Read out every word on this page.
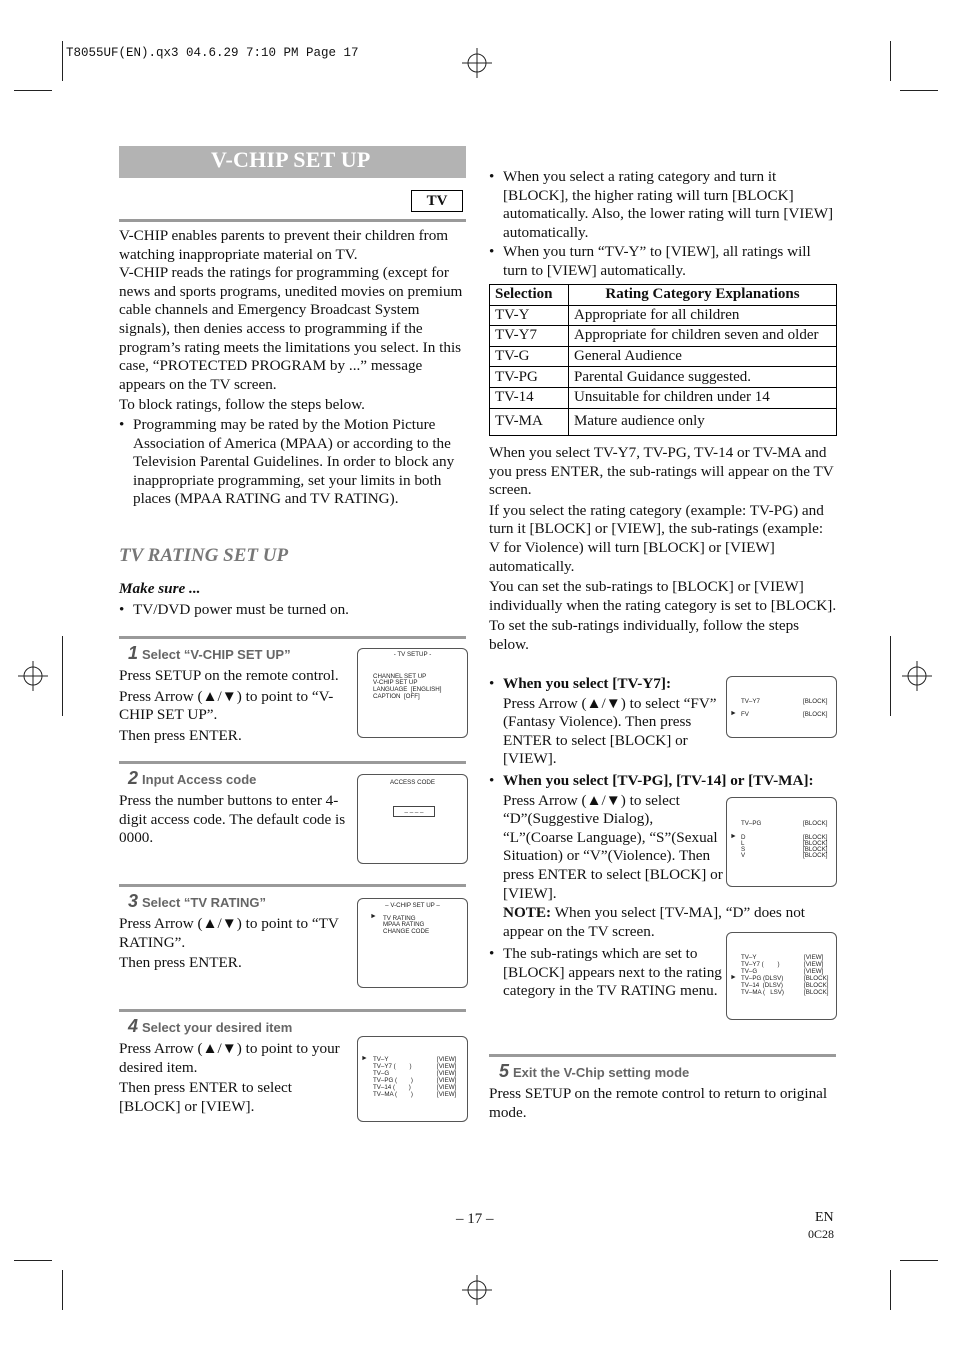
T8055UF(EN).qx3 04.6.29 7:10 PM Page 17
V-CHIP SET UP
TV

V-CHIP enables parents to prevent their children from watching inappropriate material on TV.

V-CHIP reads the ratings for programming (except for news and sports programs, unedited movies on premium cable channels and Emergency Broadcast System signals), then denies access to programming if the program’s rating meets the limitations you select. In this case, “PROTECTED PROGRAM by ...” message appears on the TV screen.

To block ratings, follow the steps below.

• Programming may be rated by the Motion Picture Association of America (MPAA) or according to the Television Parental Guidelines. In order to block any inappropriate programming, set your limits in both places (MPAA RATING and TV RATING).
TV RATING SET UP
Make sure ...
• TV/DVD power must be turned on.
1 Select “V-CHIP SET UP”

Press SETUP on the remote control.

Press Arrow (▲/▼) to point to “V-CHIP SET UP”.

Then press ENTER.

- TV SETUP -
CHANNEL SET UP
V-CHIP SET UP
LANGUAGE  [ENGLISH]
CAPTION  [OFF]
2 Input Access code

Press the number buttons to enter 4-digit access code. The default code is 0000.

ACCESS CODE
_ _ _ _
3 Select “TV RATING”

Press Arrow (▲/▼) to point to “TV RATING”.

Then press ENTER.

– V-CHIP SET UP –
► TV RATING
MPAA RATING
CHANGE CODE
4 Select your desired item

Press Arrow (▲/▼) to point to your desired item.

Then press ENTER to select [BLOCK] or [VIEW].

► TV–Y	[VIEW]
TV–Y7 (        )	[VIEW]
TV–G	[VIEW]
TV–PG (        )	[VIEW]
TV–14 (        )	[VIEW]
TV–MA (        )	[VIEW]
• When you select a rating category and turn it [BLOCK], the higher rating will turn [BLOCK] automatically. Also, the lower rating will turn [VIEW] automatically.
• When you turn “TV-Y” to [VIEW], all ratings will turn to [VIEW] automatically.
Selection	Rating Category Explanations
TV-Y	Appropriate for all children
TV-Y7	Appropriate for children seven and older
TV-G	General Audience
TV-PG	Parental Guidance suggested.
TV-14	Unsuitable for children under 14
TV-MA	Mature audience only

When you select TV-Y7, TV-PG, TV-14 or TV-MA and you press ENTER, the sub-ratings will appear on the TV screen.

If you select the rating category (example: TV-PG) and turn it [BLOCK] or [VIEW], the sub-ratings (example: V for Violence) will turn [BLOCK] or [VIEW] automatically.

You can set the sub-ratings to [BLOCK] or [VIEW] individually when the rating category is set to [BLOCK].

To set the sub-ratings individually, follow the steps below.

• When you select [TV-Y7]:
Press Arrow (▲/▼) to select “FV” (Fantasy Violence). Then press ENTER to select [BLOCK] or [VIEW].
TV–Y7	[BLOCK]
► FV	[BLOCK]
• When you select [TV-PG], [TV-14] or [TV-MA]:
Press Arrow (▲/▼) to select “D”(Suggestive Dialog), “L”(Coarse Language), “S”(Sexual Situation) or “V”(Violence). Then press ENTER to select [BLOCK] or [VIEW].
NOTE: When you select [TV-MA], “D” does not appear on the TV screen.
TV–PG	[BLOCK]
► D	[BLOCK]
L	[BLOCK]
S	[BLOCK]
V	[BLOCK]
• The sub-ratings which are set to [BLOCK] appears next to the rating category in the TV RATING menu.
TV–Y	[VIEW]
TV–Y7 (        )	[VIEW]
TV–G	[VIEW]
► TV–PG (DLSV)	[BLOCK]
TV–14  (DLSV)	[BLOCK]
TV–MA (   LSV)	[BLOCK]
5 Exit the V-Chip setting mode

Press SETUP on the remote control to return to original mode.

– 17 –	EN
0C28
